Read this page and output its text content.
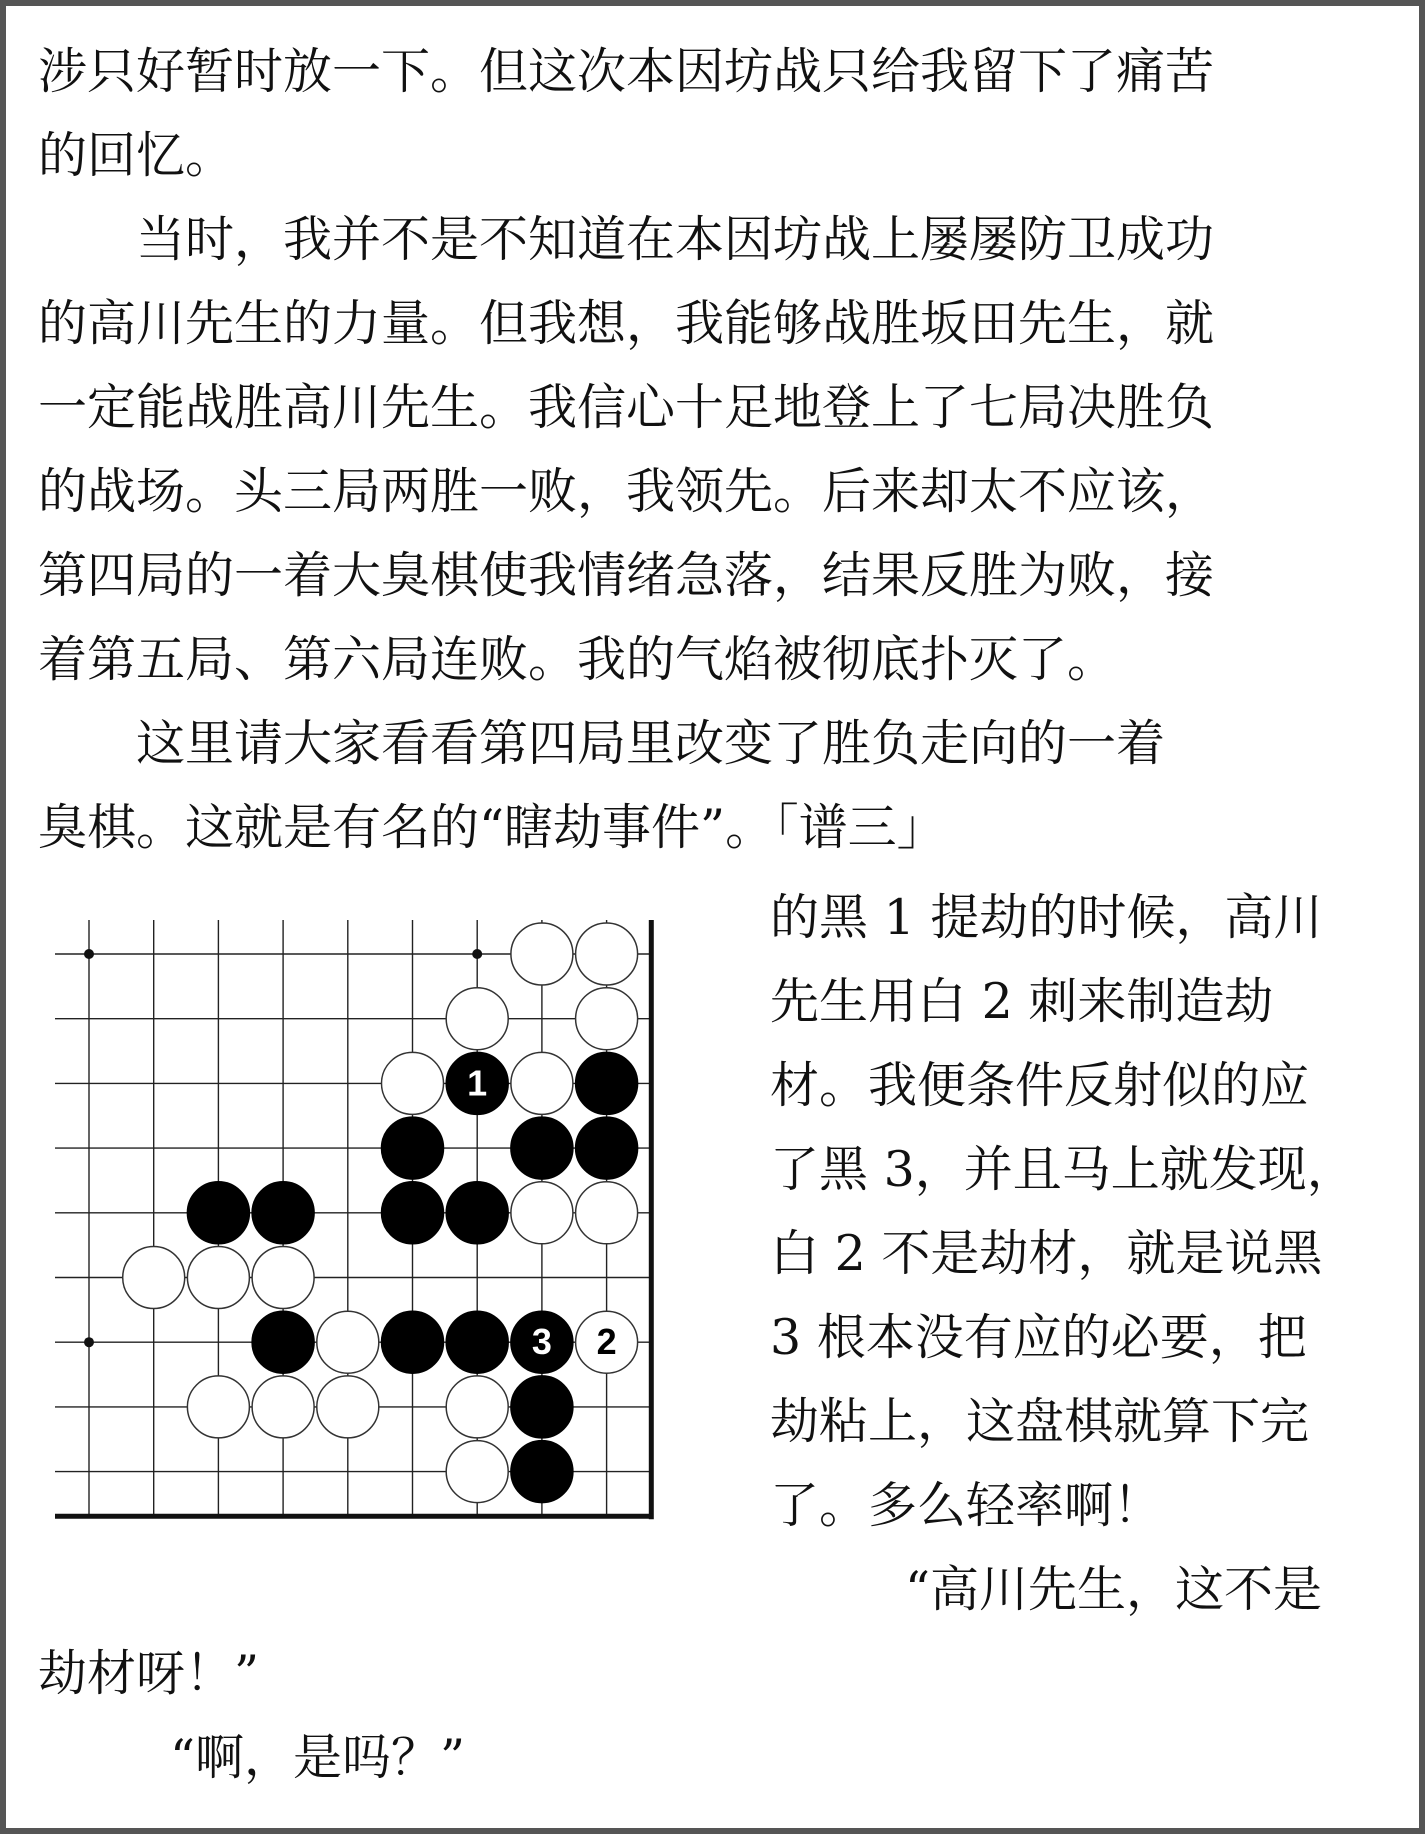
涉只好暂时放一下。但这次本因坊战只给我留下了痛苦
的回忆。
　　当时，我并不是不知道在本因坊战上屡屡防卫成功
的高川先生的力量。但我想，我能够战胜坂田先生，就
一定能战胜高川先生。我信心十足地登上了七局决胜负
的战场。头三局两胜一败，我领先。后来却太不应该，
第四局的一着大臭棋使我情绪急落，结果反胜为败，接
着第五局、第六局连败。我的气焰被彻底扑灭了。
　　这里请大家看看第四局里改变了胜负走向的一着
臭棋。这就是有名的“瞎劫事件”。「谱三」
1
3 2
的黑 1 提劫的时候，高川
先生用白 2 刺来制造劫
材。我便条件反射似的应
了黑 3，并且马上就发现，
白 2 不是劫材，就是说黑
3 根本没有应的必要，把
劫粘上，这盘棋就算下完
了。多么轻率啊！
“高川先生，这不是
劫材呀！”
“啊，是吗？”
